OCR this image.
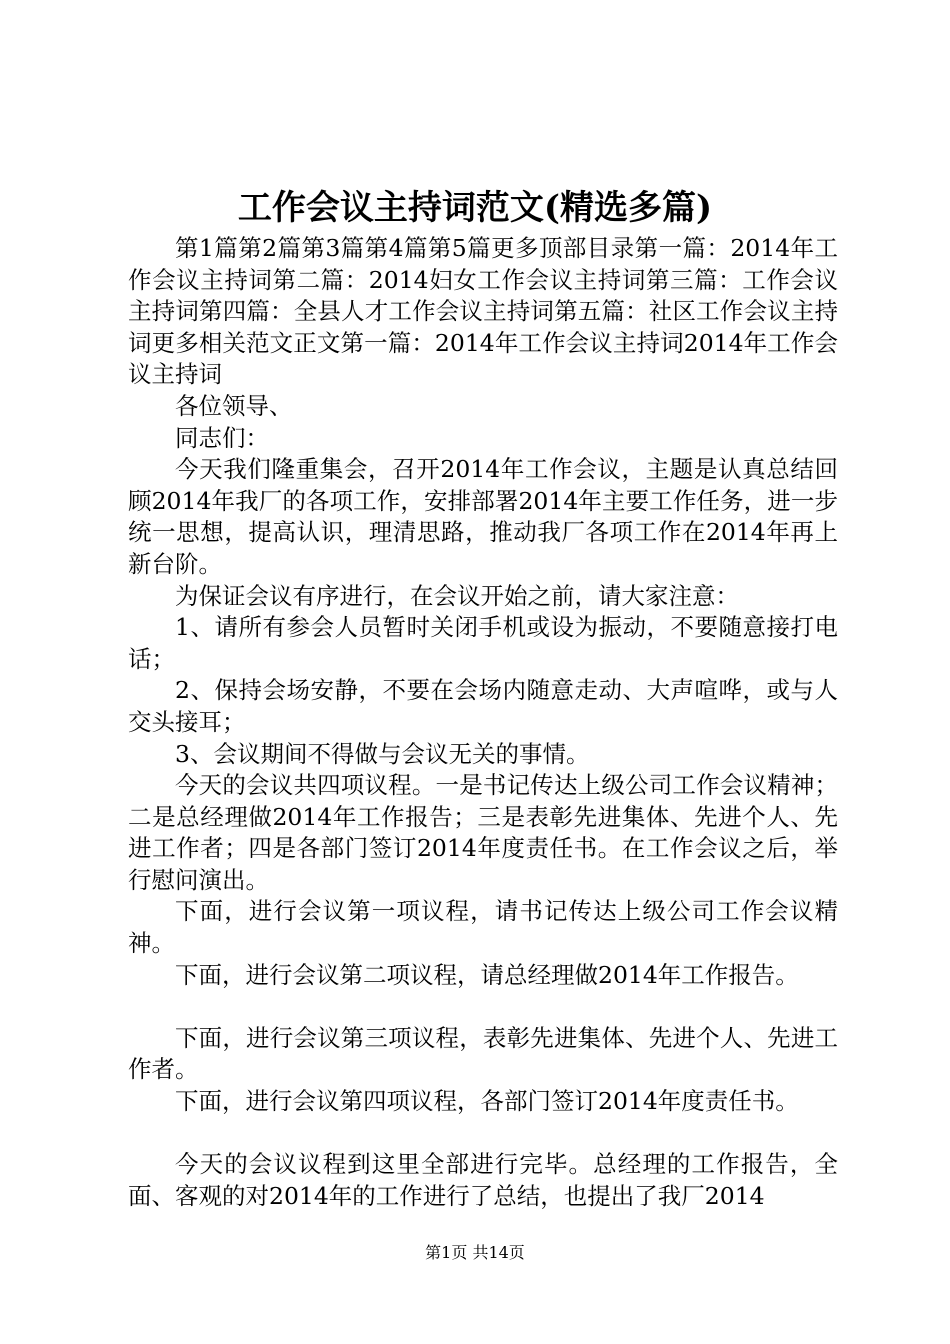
工作会议主持词范文(精选多篇)

第1篇第2篇第3篇第4篇第5篇更多顶部目录第一篇：2014年工作会议主持词第二篇：2014妇女工作会议主持词第三篇：工作会议主持词第四篇：全县人才工作会议主持词第五篇：社区工作会议主持词更多相关范文正文第一篇：2014年工作会议主持词2014年工作会议主持词

各位领导、

同志们：

今天我们隆重集会，召开2014年工作会议，主题是认真总结回顾2014年我厂的各项工作，安排部署2014年主要工作任务，进一步统一思想，提高认识，理清思路，推动我厂各项工作在2014年再上新台阶。

为保证会议有序进行，在会议开始之前，请大家注意：

1、请所有参会人员暂时关闭手机或设为振动，不要随意接打电话；

2、保持会场安静，不要在会场内随意走动、大声喧哗，或与人交头接耳；

3、会议期间不得做与会议无关的事情。

今天的会议共四项议程。一是书记传达上级公司工作会议精神；二是总经理做2014年工作报告；三是表彰先进集体、先进个人、先进工作者；四是各部门签订2014年度责任书。在工作会议之后，举行慰问演出。

下面，进行会议第一项议程，请书记传达上级公司工作会议精神。

下面，进行会议第二项议程，请总经理做2014年工作报告。

下面，进行会议第三项议程，表彰先进集体、先进个人、先进工作者。

下面，进行会议第四项议程，各部门签订2014年度责任书。

今天的会议议程到这里全部进行完毕。总经理的工作报告，全面、客观的对2014年的工作进行了总结，也提出了我厂2014

第1页 共14页
